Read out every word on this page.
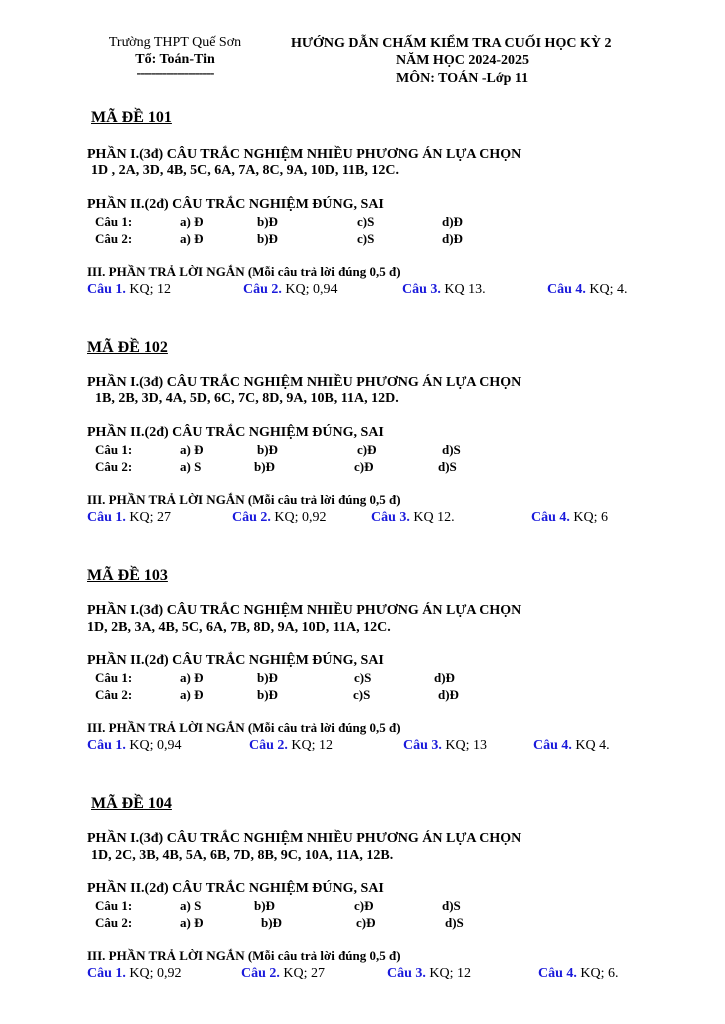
Trường THPT Quế Sơn
Tổ: Toán-Tin
---------------------
HƯỚNG DẪN CHẤM KIỂM TRA CUỐI HỌC KỲ 2
NĂM HỌC 2024-2025
MÔN: TOÁN -Lớp 11
MÃ ĐỀ 101
PHẦN I.(3đ) CÂU TRẮC NGHIỆM NHIỀU PHƯƠNG ÁN LỰA CHỌN
1D , 2A, 3D, 4B, 5C, 6A, 7A, 8C, 9A, 10D, 11B, 12C.
PHẦN II.(2đ) CÂU TRẮC NGHIỆM ĐÚNG, SAI
Câu 1:	a) Đ	b)Đ	c)S	d)Đ
Câu 2:	a) Đ	b)Đ	c)S	d)Đ
III. PHẦN TRẢ LỜI NGẮN (Mỗi câu trả lời đúng 0,5 đ)
Câu 1. KQ; 12	Câu 2. KQ; 0,94	Câu 3. KQ 13.	Câu 4. KQ; 4.
MÃ ĐỀ 102
PHẦN I.(3đ) CÂU TRẮC NGHIỆM NHIỀU PHƯƠNG ÁN LỰA CHỌN
1B, 2B, 3D, 4A, 5D, 6C, 7C, 8D, 9A, 10B, 11A, 12D.
PHẦN II.(2đ) CÂU TRẮC NGHIỆM ĐÚNG, SAI
Câu 1:	a) Đ	b)Đ	c)Đ	d)S
Câu 2:	a) S	b)Đ	c)Đ	d)S
III. PHẦN TRẢ LỜI NGẮN (Mỗi câu trả lời đúng 0,5 đ)
Câu 1. KQ; 27	Câu 2. KQ; 0,92	Câu 3. KQ 12.	Câu 4. KQ; 6
MÃ ĐỀ 103
PHẦN I.(3đ) CÂU TRẮC NGHIỆM NHIỀU PHƯƠNG ÁN LỰA CHỌN
1D, 2B, 3A, 4B, 5C, 6A, 7B, 8D, 9A, 10D, 11A, 12C.
PHẦN II.(2đ) CÂU TRẮC NGHIỆM ĐÚNG, SAI
Câu 1:	a) Đ	b)Đ	c)S	d)Đ
Câu 2:	a) Đ	b)Đ	c)S	d)Đ
III. PHẦN TRẢ LỜI NGẮN (Mỗi câu trả lời đúng 0,5 đ)
Câu 1. KQ; 0,94	Câu 2. KQ; 12	Câu 3. KQ; 13	Câu 4. KQ 4.
MÃ ĐỀ 104
PHẦN I.(3đ) CÂU TRẮC NGHIỆM NHIỀU PHƯƠNG ÁN LỰA CHỌN
1D, 2C, 3B, 4B, 5A, 6B, 7D, 8B, 9C, 10A, 11A, 12B.
PHẦN II.(2đ) CÂU TRẮC NGHIỆM ĐÚNG, SAI
Câu 1:	a) S	b)Đ	c)Đ	d)S
Câu 2:	a) Đ	b)Đ	c)Đ	d)S
III. PHẦN TRẢ LỜI NGẮN (Mỗi câu trả lời đúng 0,5 đ)
Câu 1. KQ; 0,92	Câu 2. KQ; 27	Câu 3. KQ; 12	Câu 4. KQ; 6.
